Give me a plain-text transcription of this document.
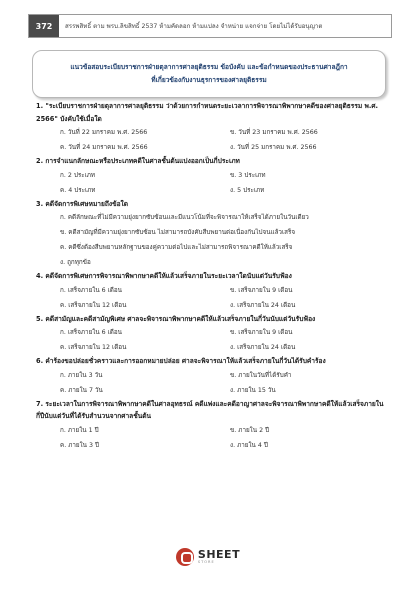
372	สรรพสิทธิ์ ตาม พรบ.ลิขสิทธิ์ 2537 ห้ามคัดลอก ห้ามแปลง จำหน่าย แจกจ่าย โดยไม่ได้รับอนุญาต
แนวข้อสอบระเบียบราชการฝ่ายตุลาการศาลยุติธรรม ข้อบังคับ และข้อกำหนดของประธานศาลฎีกา
ที่เกี่ยวข้องกับงานธุรการของศาลยุติธรรม
1. "ระเบียบราชการฝ่ายตุลาการศาลยุติธรรม ว่าด้วยการกำหนดระยะเวลาการพิจารณาพิพากษาคดีของศาลยุติธรรม พ.ศ. 2566" บังคับใช้เมื่อใด
ก. วันที่ 22 มกราคม พ.ศ. 2566	ข. วันที่ 23 มกราคม พ.ศ. 2566
ค. วันที่ 24 มกราคม พ.ศ. 2566	ง. วันที่ 25 มกราคม พ.ศ. 2566
2. การจำแนกลักษณะหรือประเภทคดีในศาลชั้นต้นแบ่งออกเป็นกี่ประเภท
ก. 2 ประเภท	ข. 3 ประเภท
ค. 4 ประเภท	ง. 5 ประเภท
3. คดีจัดการพิเศษหมายถึงข้อใด
ก. คดีลักษณะที่ไม่มีความยุ่งยากซับซ้อนและมีแนวโน้มที่จะพิจารณาให้เสร็จได้ภายในวันเดียว
ข. คดีสามัญที่มีความยุ่งยากซับซ้อน ไม่สามารถบังคับสืบพยานต่อเนื่องกันไปจนแล้วเสร็จ
ค. คดีซึ่งต้องสืบพยานหลักฐานของคู่ความต่อไปและไม่สามารถพิจารณาคดีให้แล้วเสร็จ
ง. ถูกทุกข้อ
4. คดีจัดการพิเศษการพิจารณาพิพากษาคดีให้แล้วเสร็จภายในระยะเวลาใดนับแต่วันรับฟ้อง
ก. เสร็จภายใน 6 เดือน	ข. เสร็จภายใน 9 เดือน
ค. เสร็จภายใน 12 เดือน	ง. เสร็จภายใน 24 เดือน
5. คดีสามัญและคดีสามัญพิเศษ ศาลจะพิจารณาพิพากษาคดีให้แล้วเสร็จภายในกี่วันนับแต่วันรับฟ้อง
ก. เสร็จภายใน 6 เดือน	ข. เสร็จภายใน 9 เดือน
ค. เสร็จภายใน 12 เดือน	ง. เสร็จภายใน 24 เดือน
6. คำร้องขอปล่อยชั่วคราวและการออกหมายปล่อย ศาลจะพิจารณาให้แล้วเสร็จภายในกี่วันได้รับคำร้อง
ก. ภายใน 3 วัน	ข. ภายในวันที่ได้รับคำ
ค. ภายใน 7 วัน	ง. ภายใน 15 วัน
7. ระยะเวลาในการพิจารณาพิพากษาคดีในศาลอุทธรณ์ คดีแพ่งและคดีอาญาศาลจะพิจารณาพิพากษาคดีให้แล้วเสร็จภายในกี่ปีนับแต่วันที่ได้รับสำนวนจากศาลชั้นต้น
ก. ภายใน 1 ปี	ข. ภายใน 2 ปี
ค. ภายใน 3 ปี	ง. ภายใน 4 ปี
SHEET
STORE
